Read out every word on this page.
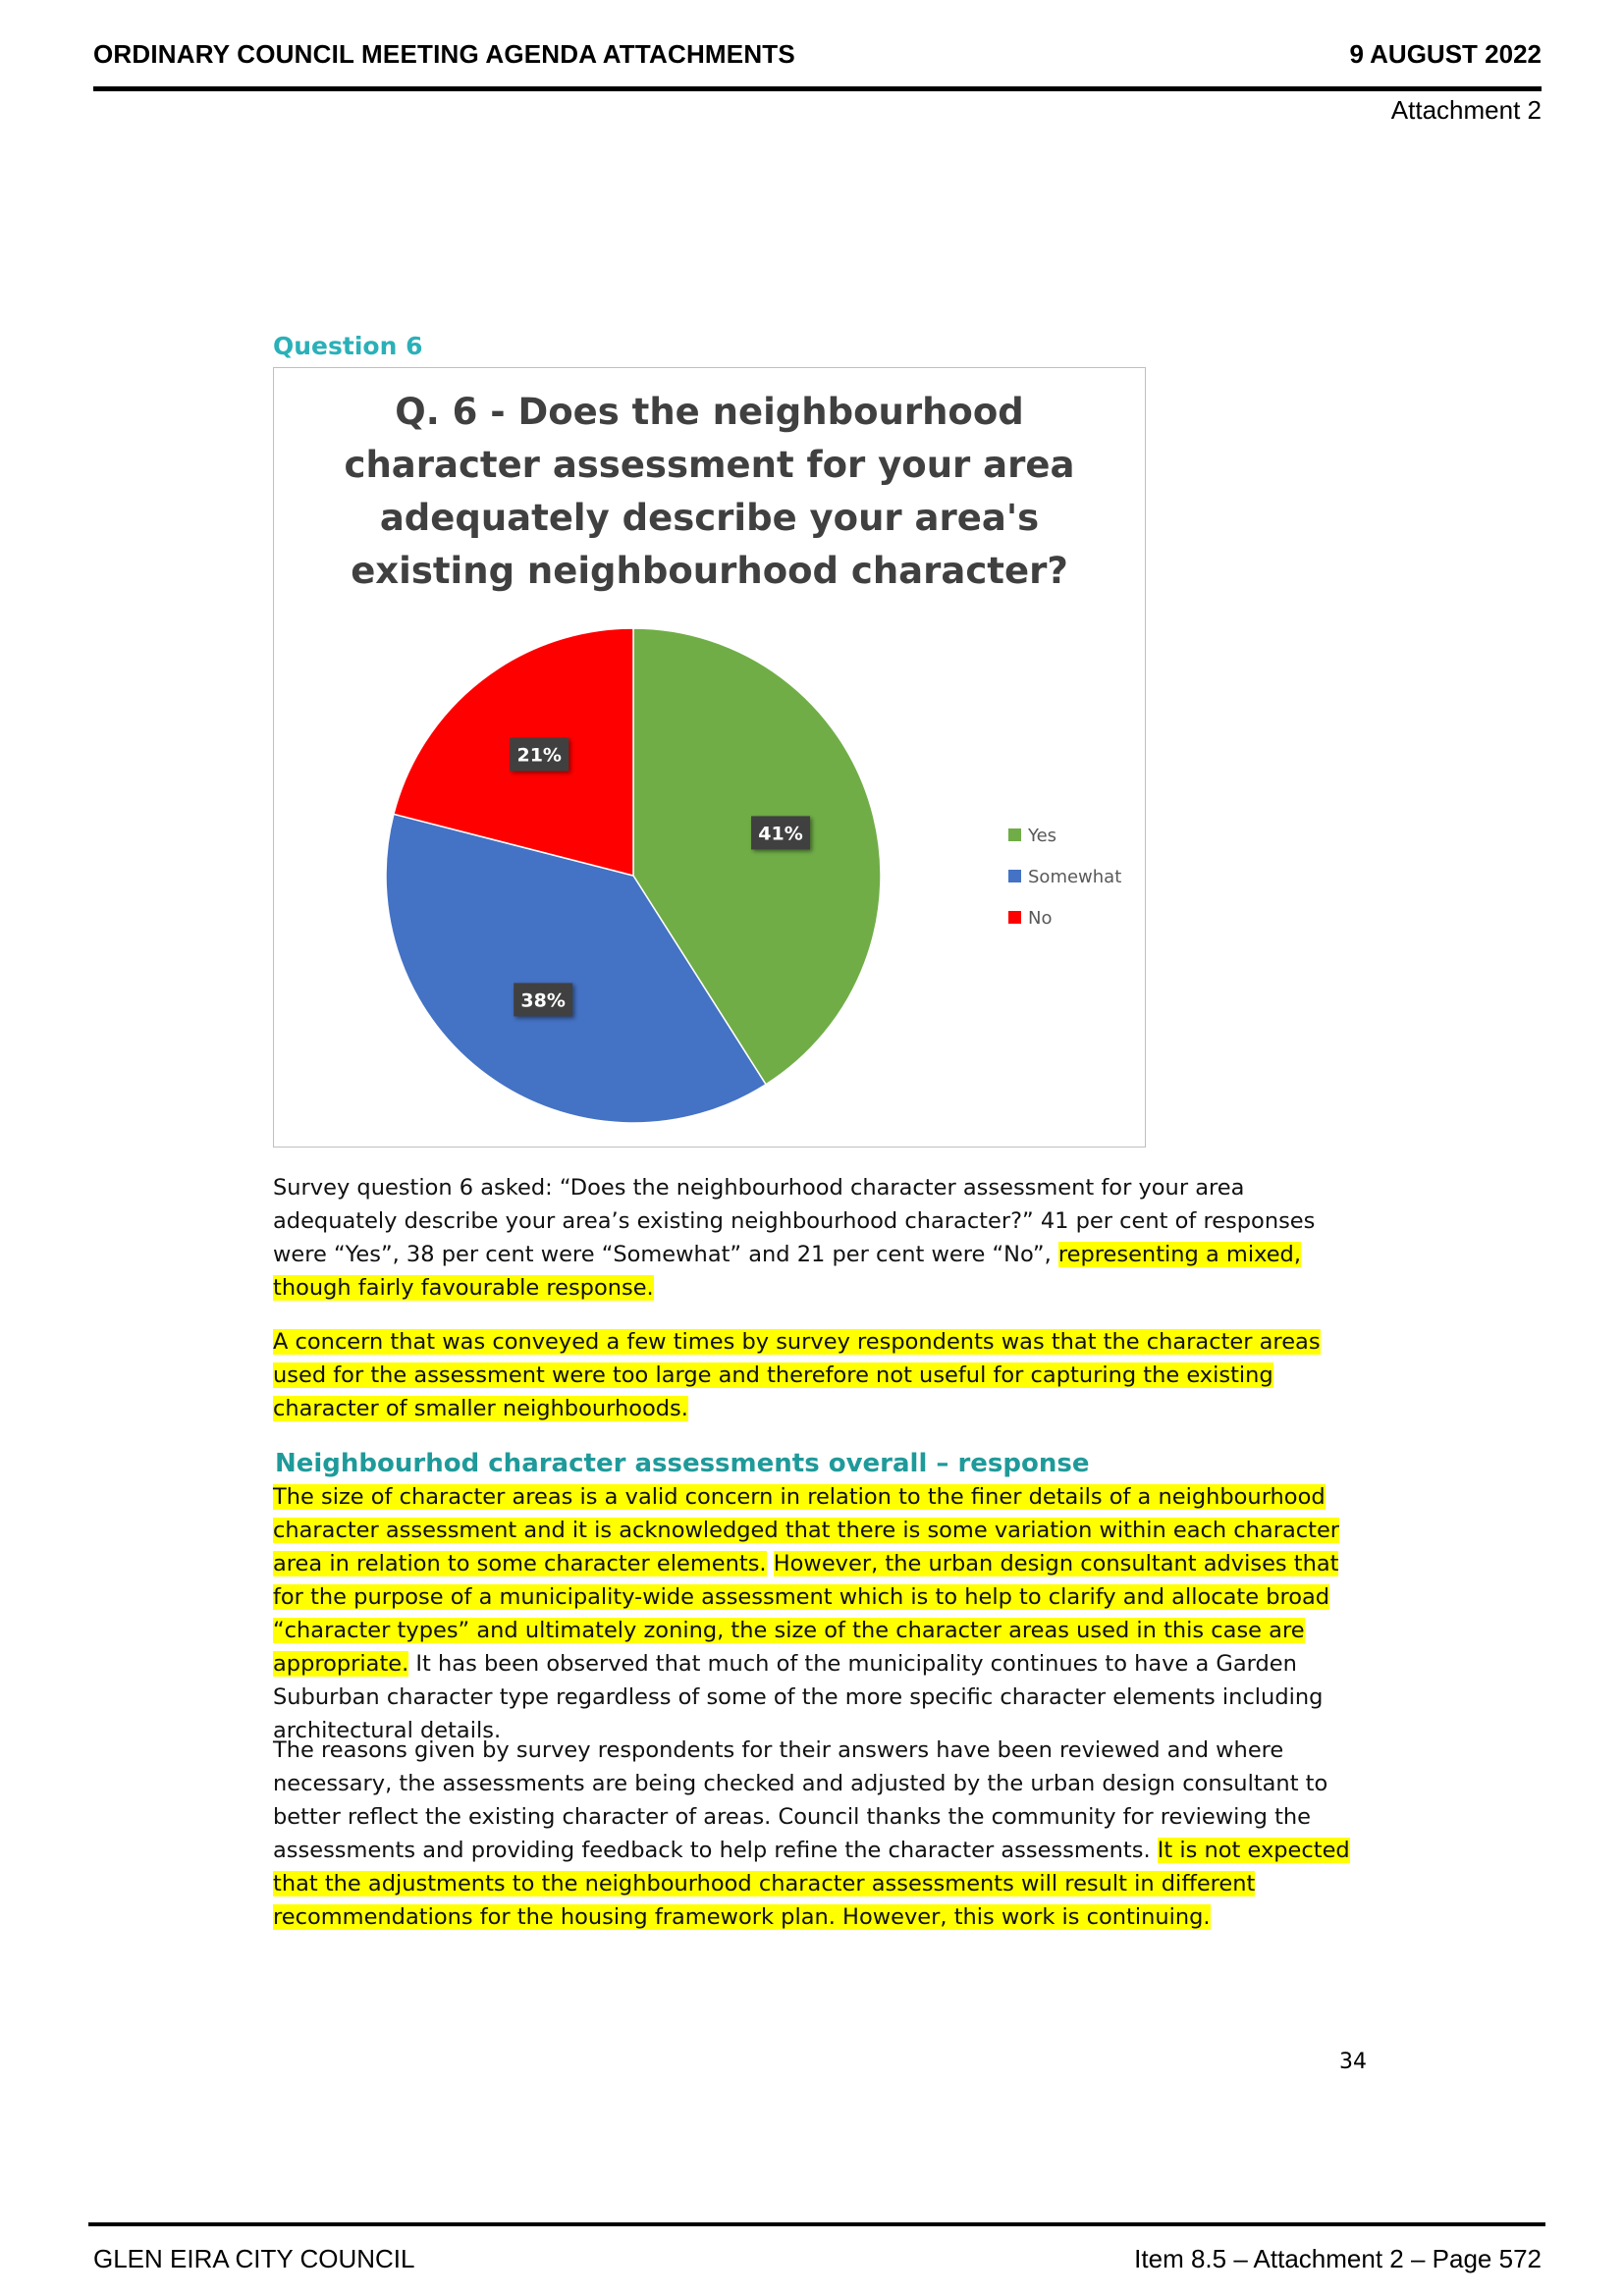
ORDINARY COUNCIL MEETING AGENDA ATTACHMENTS	9 AUGUST 2022
Attachment 2
Question 6
Q. 6 - Does the neighbourhood
character assessment for your area
adequately describe your area's
existing neighbourhood character?
41%
38%
21%
Yes
Somewhat
No
Survey question 6 asked: “Does the neighbourhood character assessment for your area adequately describe your area’s existing neighbourhood character?” 41 per cent of responses were “Yes”, 38 per cent were “Somewhat” and 21 per cent were “No”, representing a mixed, though fairly favourable response.
A concern that was conveyed a few times by survey respondents was that the character areas used for the assessment were too large and therefore not useful for capturing the existing character of smaller neighbourhoods.
Neighbourhod character assessments overall – response
The size of character areas is a valid concern in relation to the finer details of a neighbourhood character assessment and it is acknowledged that there is some variation within each character area in relation to some character elements. However, the urban design consultant advises that for the purpose of a municipality-wide assessment which is to help to clarify and allocate broad “character types” and ultimately zoning, the size of the character areas used in this case are appropriate. It has been observed that much of the municipality continues to have a Garden Suburban character type regardless of some of the more specific character elements including architectural details.
The reasons given by survey respondents for their answers have been reviewed and where necessary, the assessments are being checked and adjusted by the urban design consultant to better reflect the existing character of areas. Council thanks the community for reviewing the assessments and providing feedback to help refine the character assessments. It is not expected that the adjustments to the neighbourhood character assessments will result in different recommendations for the housing framework plan. However, this work is continuing.
34
GLEN EIRA CITY COUNCIL	Item 8.5 – Attachment 2 – Page 572
